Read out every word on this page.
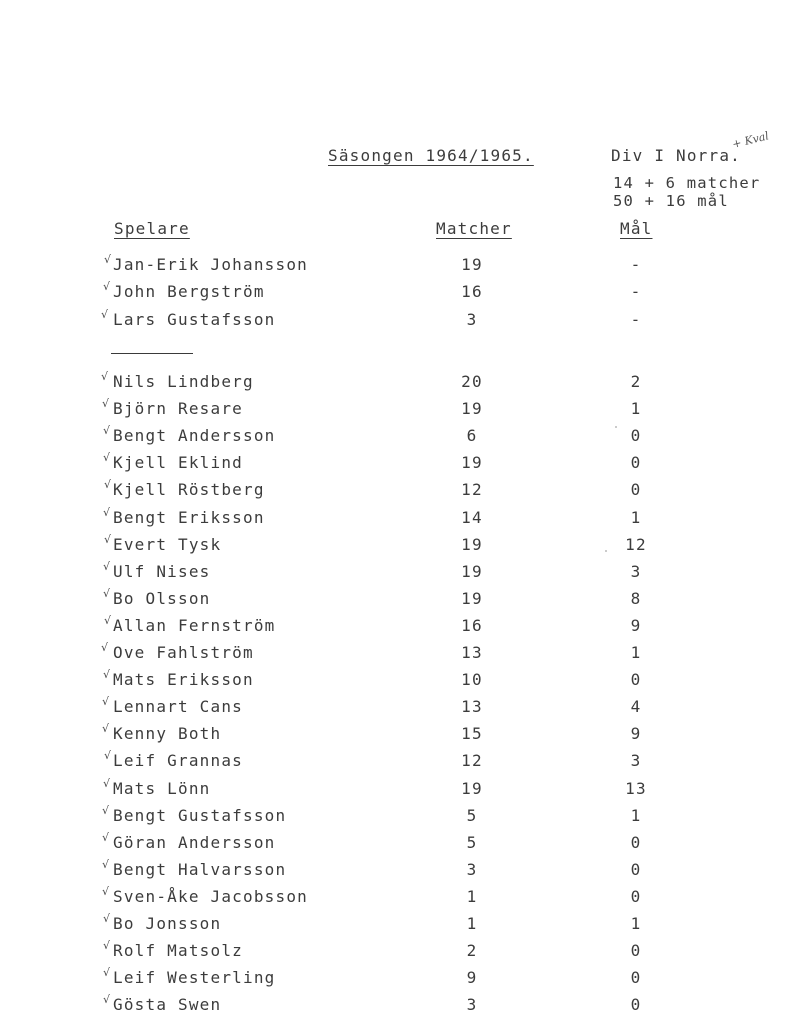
Säsongen 1964/1965.	Div I Norra.
+ Kval
14 + 6 matcher
50 + 16 mål
Spelare	Matcher	Mål
√ Jan-Erik Johansson	19	-
√ John Bergström	16	-
√ Lars Gustafsson	3	-
√ Nils Lindberg	20	2
√ Björn Resare	19	1
√ Bengt Andersson	6	0
√ Kjell Eklind	19	0
√ Kjell Röstberg	12	0
√ Bengt Eriksson	14	1
√ Evert Tysk	19	12
√ Ulf Nises	19	3
√ Bo Olsson	19	8
√ Allan Fernström	16	9
√ Ove Fahlström	13	1
√ Mats Eriksson	10	0
√ Lennart Cans	13	4
√ Kenny Both	15	9
√ Leif Grannas	12	3
√ Mats Lönn	19	13
√ Bengt Gustafsson	5	1
√ Göran Andersson	5	0
√ Bengt Halvarsson	3	0
√ Sven-Åke Jacobsson	1	0
√ Bo Jonsson	1	1
√ Rolf Matsolz	2	0
√ Leif Westerling	9	0
√ Gösta Swen	3	0
